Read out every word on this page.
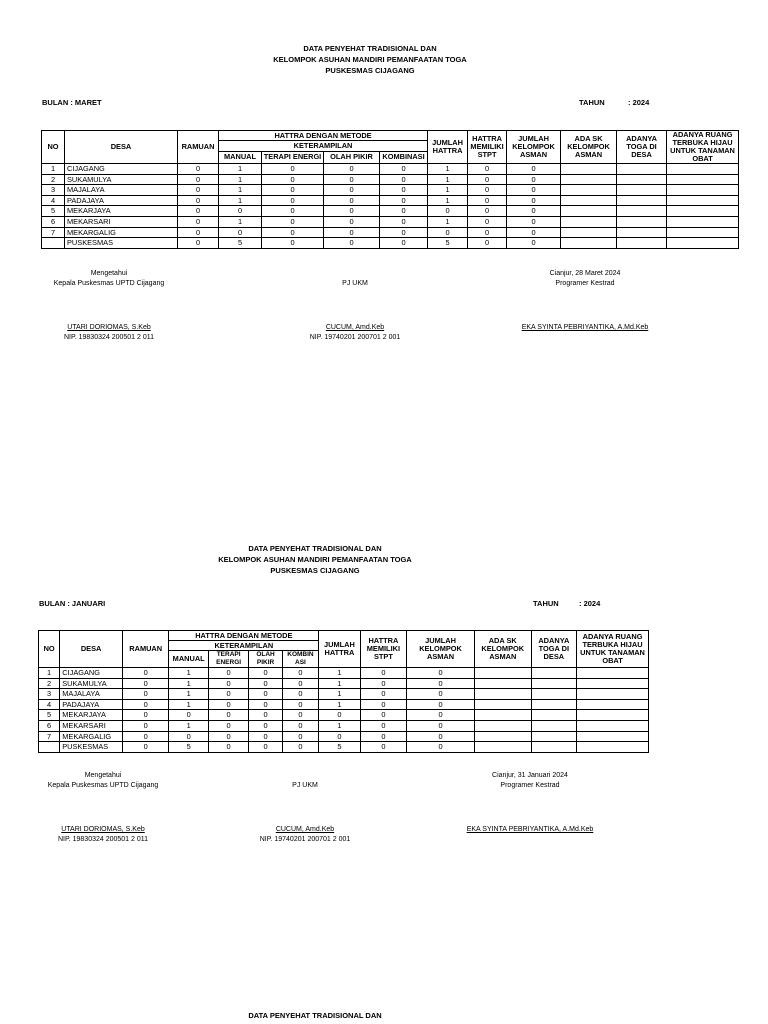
DATA PENYEHAT TRADISIONAL DAN
KELOMPOK ASUHAN MANDIRI PEMANFAATAN TOGA
PUSKESMAS CIJAGANG
BULAN : MARET	TAHUN	: 2024
NO	DESA	RAMUAN	HATTRA DENGAN METODE				JUMLAH HATTRA	HATTRA MEMILIKI STPT	JUMLAH KELOMPOK ASMAN	ADA SK KELOMPOK ASMAN	ADANYA TOGA DI DESA	ADANYA RUANG TERBUKA HIJAU UNTUK TANAMAN OBAT
			KETERAMPILAN									
			MANUAL	TERAPI ENERGI	OLAH PIKIR	KOMBINASI						
1	CIJAGANG	0	1	0	0	0	1	0	0			
2	SUKAMULYA	0	1	0	0	0	1	0	0			
3	MAJALAYA	0	1	0	0	0	1	0	0			
4	PADAJAYA	0	1	0	0	0	1	0	0			
5	MEKARJAYA	0	0	0	0	0	0	0	0			
6	MEKARSARI	0	1	0	0	0	1	0	0			
7	MEKARGALIG	0	0	0	0	0	0	0	0			
	PUSKESMAS	0	5	0	0	0	5	0	0			
Mengetahui
Kepala Puskesmas UPTD Cijagang	PJ UKM
Cianjur, 28 Maret 2024
Programer Kestrad
UTARI DORIOMAS, S.Keb
NIP. 19830324 200501 2 011
CUCUM, Amd.Keb
NIP. 19740201 200701 2 001
EKA SYINTA PEBRIYANTIKA, A.Md.Keb
DATA PENYEHAT TRADISIONAL DAN
KELOMPOK ASUHAN MANDIRI PEMANFAATAN TOGA
PUSKESMAS CIJAGANG
BULAN : JANUARI	TAHUN	: 2024
NO	DESA	RAMUAN	HATTRA DENGAN METODE				JUMLAH HATTRA	HATTRA MEMILIKI STPT	JUMLAH KELOMPOK ASMAN	ADA SK KELOMPOK ASMAN	ADANYA TOGA DI DESA	ADANYA RUANG TERBUKA HIJAU UNTUK TANAMAN OBAT
			KETERAMPILAN									
			MANUAL	TERAPI ENERGI	OLAH PIKIR	KOMBIN ASI						
1	CIJAGANG	0	1	0	0	0	1	0	0			
2	SUKAMULYA	0	1	0	0	0	1	0	0			
3	MAJALAYA	0	1	0	0	0	1	0	0			
4	PADAJAYA	0	1	0	0	0	1	0	0			
5	MEKARJAYA	0	0	0	0	0	0	0	0			
6	MEKARSARI	0	1	0	0	0	1	0	0			
7	MEKARGALIG	0	0	0	0	0	0	0	0			
	PUSKESMAS	0	5	0	0	0	5	0	0			
Mengetahui
Kepala Puskesmas UPTD Cijagang	PJ UKM
Cianjur, 31 Januari 2024
Programer Kestrad
UTARI DORIOMAS, S.Keb
NIP. 19830324 200501 2 011
CUCUM, Amd.Keb
NIP. 19740201 200701 2 001
EKA SYINTA PEBRIYANTIKA, A.Md.Keb
DATA PENYEHAT TRADISIONAL DAN
